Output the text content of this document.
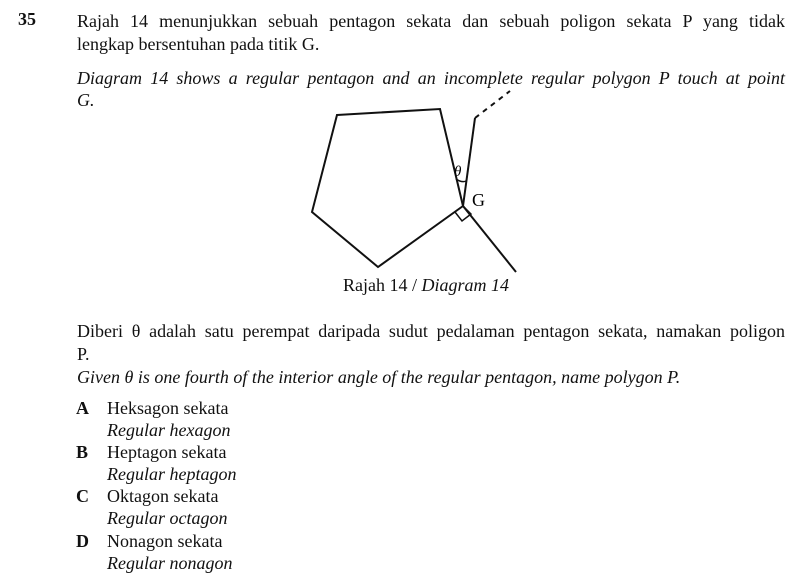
35 Rajah 14 menunjukkan sebuah pentagon sekata dan sebuah poligon sekata P yang tidak
lengkap bersentuhan pada titik G.
Diagram 14 shows a regular pentagon and an incomplete regular polygon P touch at point
G.
θ
G
Rajah 14 / Diagram 14
Diberi θ adalah satu perempat daripada sudut pedalaman pentagon sekata, namakan poligon
P.
Given θ is one fourth of the interior angle of the regular pentagon, name polygon P.
A Heksagon sekata
Regular hexagon
B Heptagon sekata
Regular heptagon
C Oktagon sekata
Regular octagon
D Nonagon sekata
Regular nonagon
